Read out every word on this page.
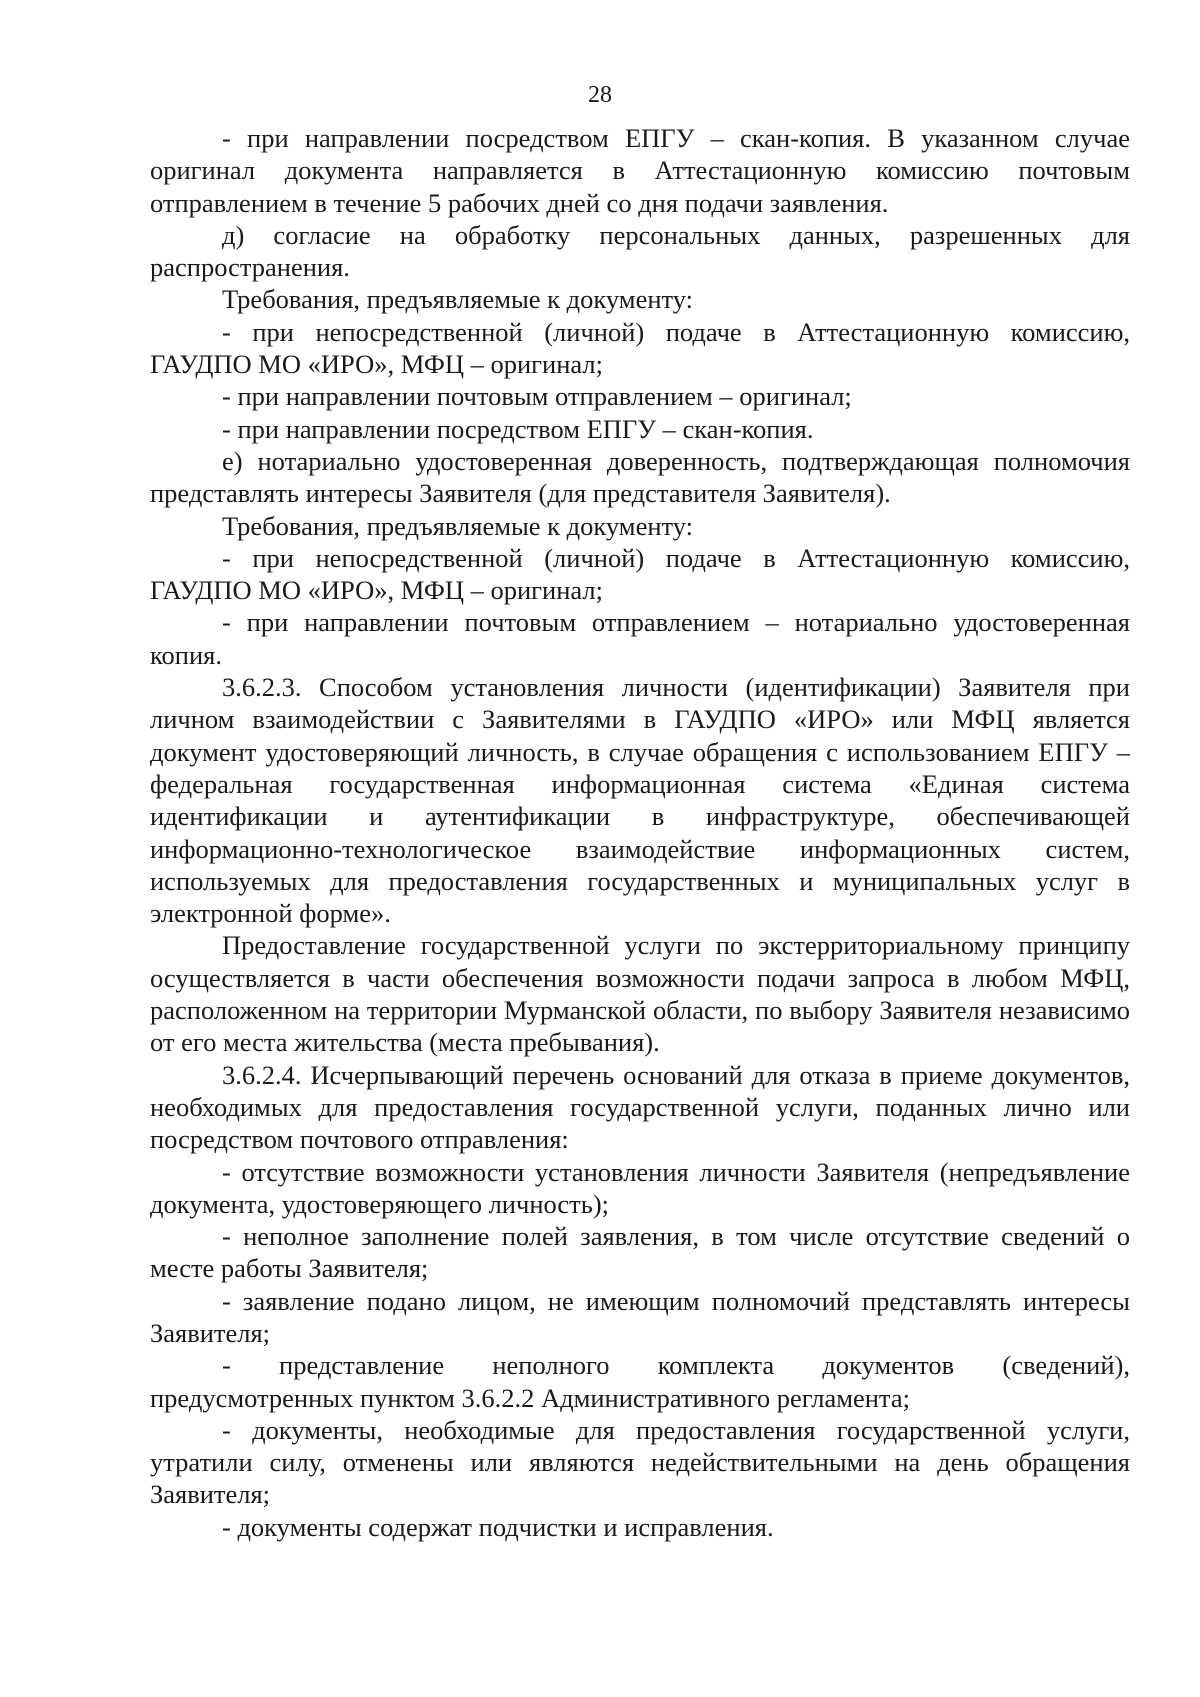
28

- при направлении посредством ЕПГУ – скан-копия. В указанном случае оригинал документа направляется в Аттестационную комиссию почтовым отправлением в течение 5 рабочих дней со дня подачи заявления.

д) согласие на обработку персональных данных, разрешенных для распространения.

Требования, предъявляемые к документу:

- при непосредственной (личной) подаче в Аттестационную комиссию, ГАУДПО МО «ИРО», МФЦ – оригинал;

- при направлении почтовым отправлением – оригинал;

- при направлении посредством ЕПГУ – скан-копия.

е) нотариально удостоверенная доверенность, подтверждающая полномочия представлять интересы Заявителя (для представителя Заявителя).

Требования, предъявляемые к документу:

- при непосредственной (личной) подаче в Аттестационную комиссию, ГАУДПО МО «ИРО», МФЦ – оригинал;

- при направлении почтовым отправлением – нотариально удостоверенная копия.

3.6.2.3. Способом установления личности (идентификации) Заявителя при личном взаимодействии с Заявителями в ГАУДПО «ИРО» или МФЦ является документ удостоверяющий личность, в случае обращения с использованием ЕПГУ – федеральная государственная информационная система «Единая система идентификации и аутентификации в инфраструктуре, обеспечивающей информационно-технологическое взаимодействие информационных систем, используемых для предоставления государственных и муниципальных услуг в электронной форме».

Предоставление государственной услуги по экстерриториальному принципу осуществляется в части обеспечения возможности подачи запроса в любом МФЦ, расположенном на территории Мурманской области, по выбору Заявителя независимо от его места жительства (места пребывания).

3.6.2.4. Исчерпывающий перечень оснований для отказа в приеме документов, необходимых для предоставления государственной услуги, поданных лично или посредством почтового отправления:

- отсутствие возможности установления личности Заявителя (непредъявление документа, удостоверяющего личность);

- неполное заполнение полей заявления, в том числе отсутствие сведений о месте работы Заявителя;

- заявление подано лицом, не имеющим полномочий представлять интересы Заявителя;

- представление неполного комплекта документов (сведений), предусмотренных пунктом 3.6.2.2 Административного регламента;

- документы, необходимые для предоставления государственной услуги, утратили силу, отменены или являются недействительными на день обращения Заявителя;

- документы содержат подчистки и исправления.
